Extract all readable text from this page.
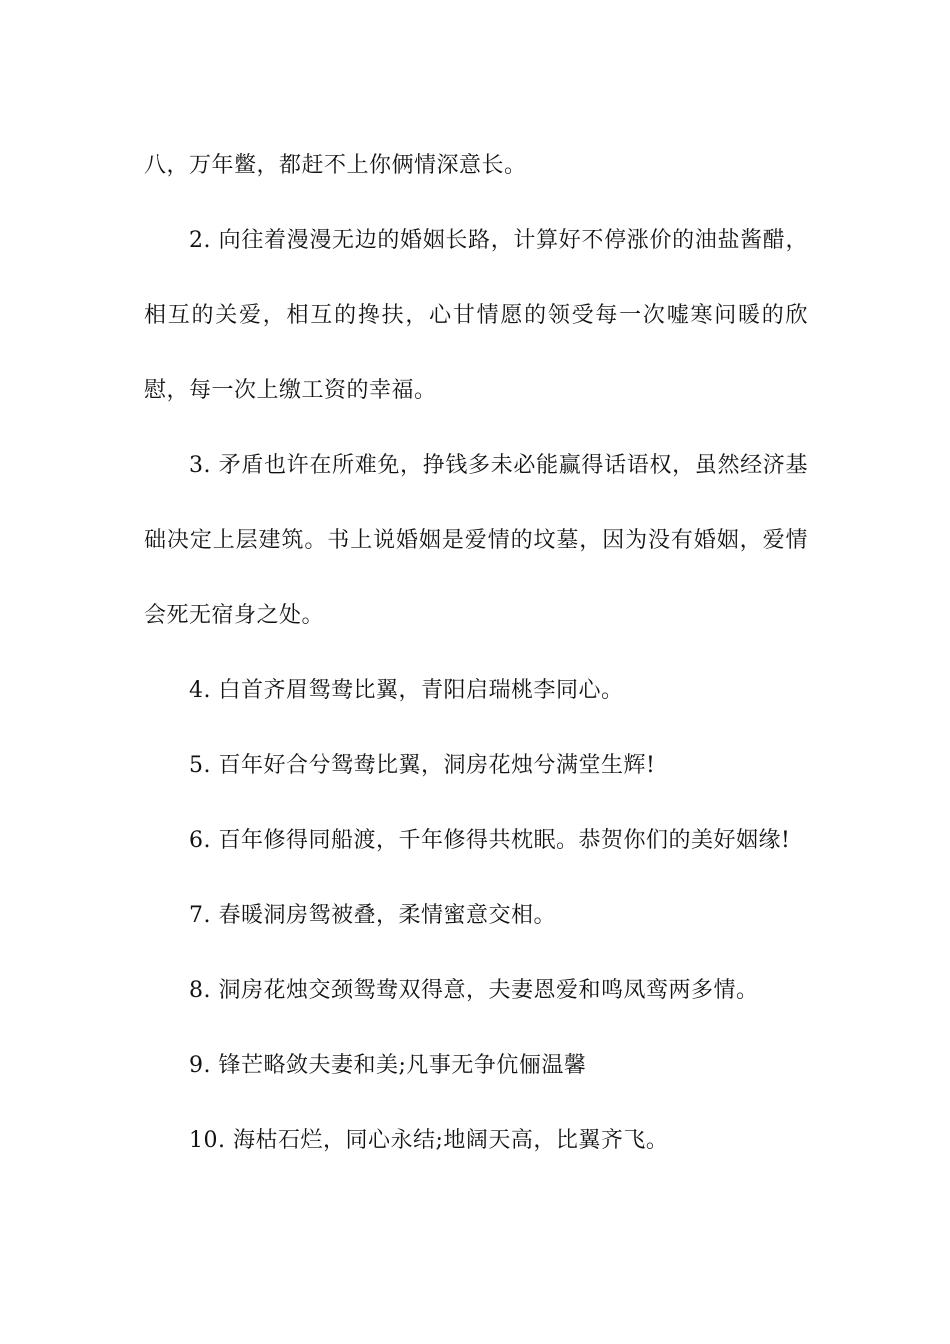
八，万年鳖，都赶不上你俩情深意长。

2. 向往着漫漫无边的婚姻长路，计算好不停涨价的油盐酱醋，相互的关爱，相互的搀扶，心甘情愿的领受每一次嘘寒问暖的欣慰，每一次上缴工资的幸福。

3. 矛盾也许在所难免，挣钱多未必能赢得话语权，虽然经济基础决定上层建筑。书上说婚姻是爱情的坟墓，因为没有婚姻，爱情会死无宿身之处。

4. 白首齐眉鸳鸯比翼，青阳启瑞桃李同心。

5. 百年好合兮鸳鸯比翼，洞房花烛兮满堂生辉!

6. 百年修得同船渡，千年修得共枕眠。恭贺你们的美好姻缘!

7. 春暖洞房鸳被叠，柔情蜜意交相。

8. 洞房花烛交颈鸳鸯双得意，夫妻恩爱和鸣凤鸾两多情。

9. 锋芒略敛夫妻和美;凡事无争伉俪温馨

10. 海枯石烂，同心永结;地阔天高，比翼齐飞。
